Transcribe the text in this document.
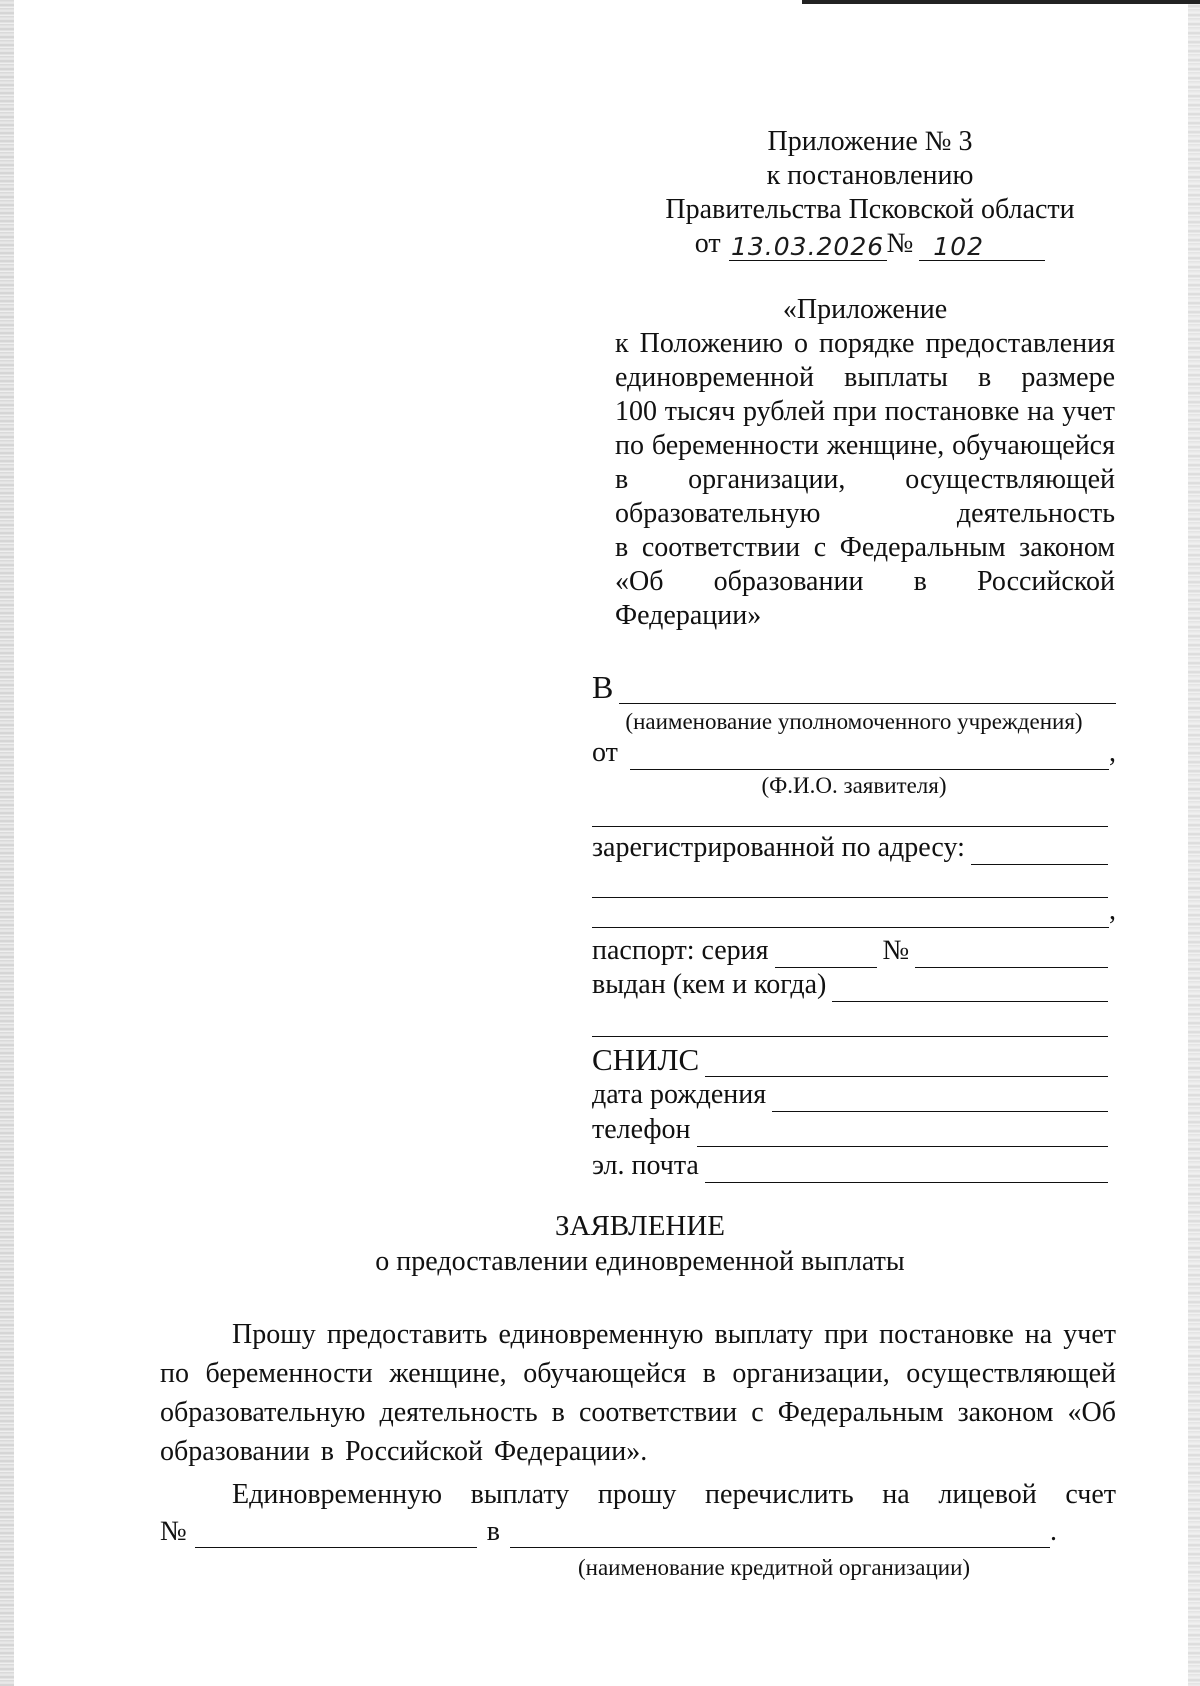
Приложение № 3
к постановлению
Правительства Псковской области
от 13.03.2026 № 102
«Приложение
к Положению о порядке предоставления
единовременной выплаты в размере
100 тысяч рублей при постановке на учет
по беременности женщине, обучающейся
в организации, осуществляющей
образовательную деятельность
в соответствии с Федеральным законом
«Об образовании в Российской
Федерации»
В
(наименование уполномоченного учреждения)
от	,
(Ф.И.О. заявителя)
зарегистрированной по адресу:
,
паспорт: серия	№
выдан (кем и когда)
СНИЛС
дата рождения
телефон
эл. почта
ЗАЯВЛЕНИЕ
о предоставлении единовременной выплаты
Прошу предоставить единовременную выплату при постановке на учет по беременности женщине, обучающейся в организации, осуществляющей образовательную деятельность в соответствии с Федеральным законом «Об образовании в Российской Федерации».
Единовременную выплату прошу перечислить на лицевой счет
№	в	.
(наименование кредитной организации)
